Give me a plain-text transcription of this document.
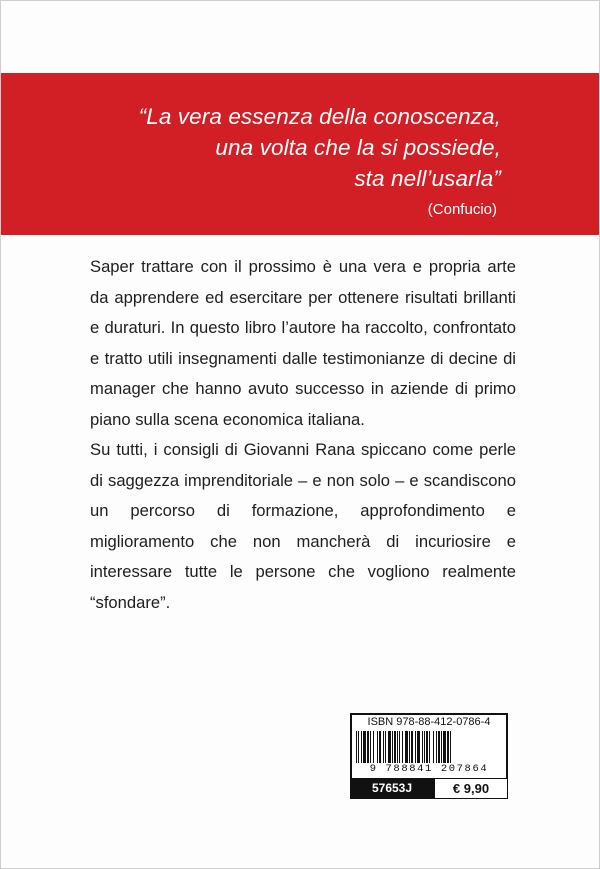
“La vera essenza della conoscenza,
una volta che la si possiede,
sta nell’usarla”
(Confucio)

Saper trattare con il prossimo è una vera e propria arte da apprendere ed esercitare per ottenere risultati brillanti e duraturi. In questo libro l’autore ha raccolto, confrontato e tratto utili insegnamenti dalle testimonianze di decine di manager che hanno avuto successo in aziende di primo piano sulla scena economica italiana.

Su tutti, i consigli di Giovanni Rana spiccano come perle di saggezza imprenditoriale – e non solo – e scandiscono un percorso di formazione, approfondimento e miglioramento che non mancherà di incuriosire e interessare tutte le persone che vogliono realmente “sfondare”.

ISBN 978-88-412-0786-4
9 788841 207864
57653J	€ 9,90
